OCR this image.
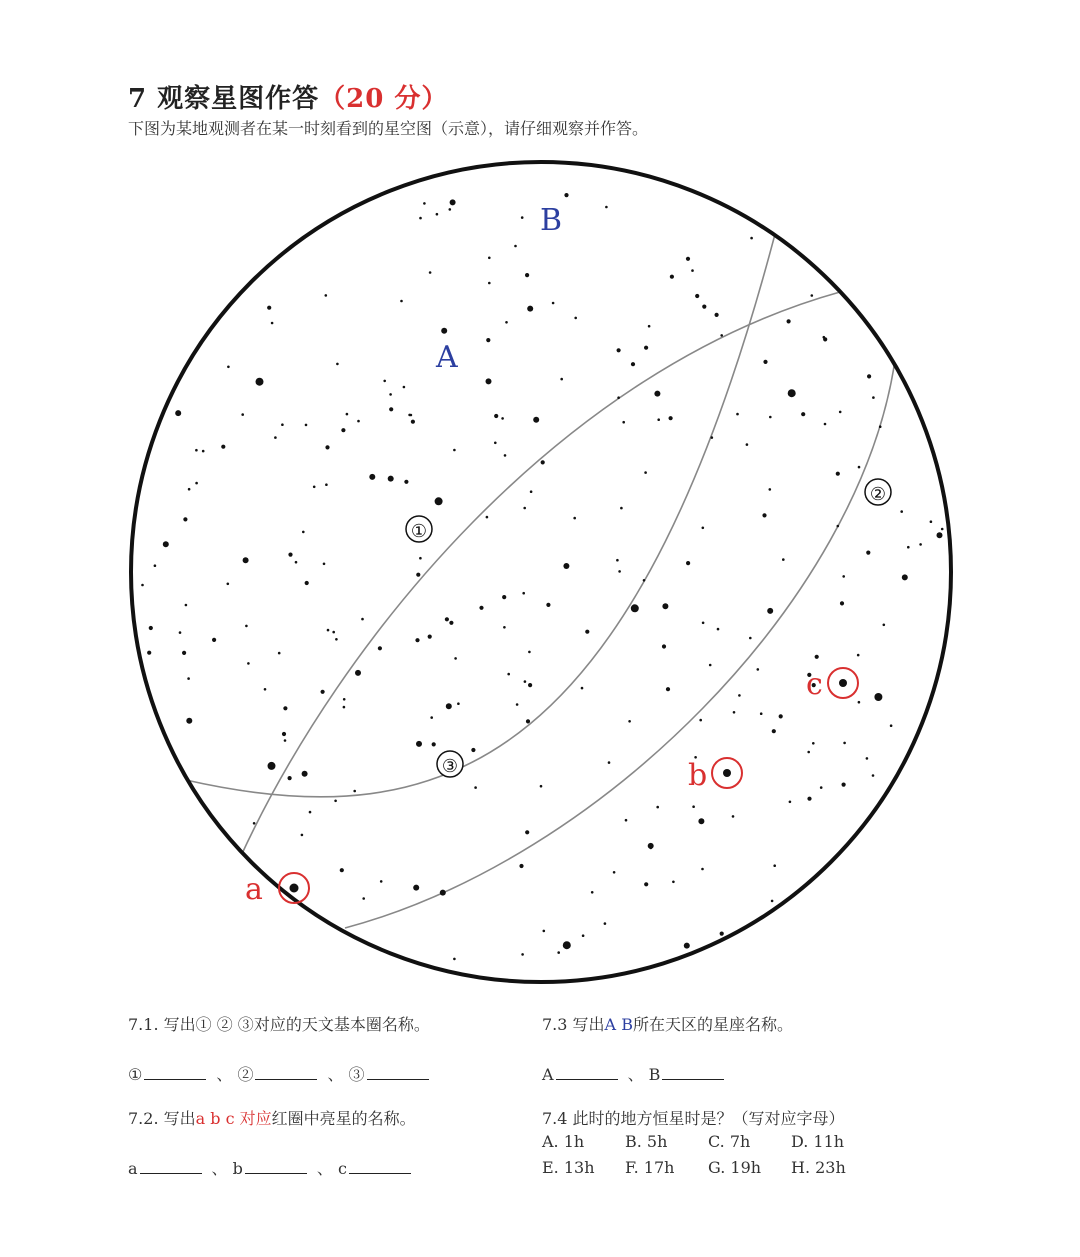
7 观察星图作答（20 分）
下图为某地观测者在某一时刻看到的星空图（示意），请仔细观察并作答。
①
②
③
A
B
a
b
c
7.1. 写出① ② ③对应的天文基本圈名称。
①	、 ②	、 ③
7.2. 写出a b c 对应红圈中亮星的名称。
a	、 b	、 c
7.3 写出A B所在天区的星座名称。
A	、 B
7.4 此时的地方恒星时是？（写对应字母）
A. 1h	B. 5h	C. 7h	D. 11h
E. 13h F. 17h G. 19h H. 23h
